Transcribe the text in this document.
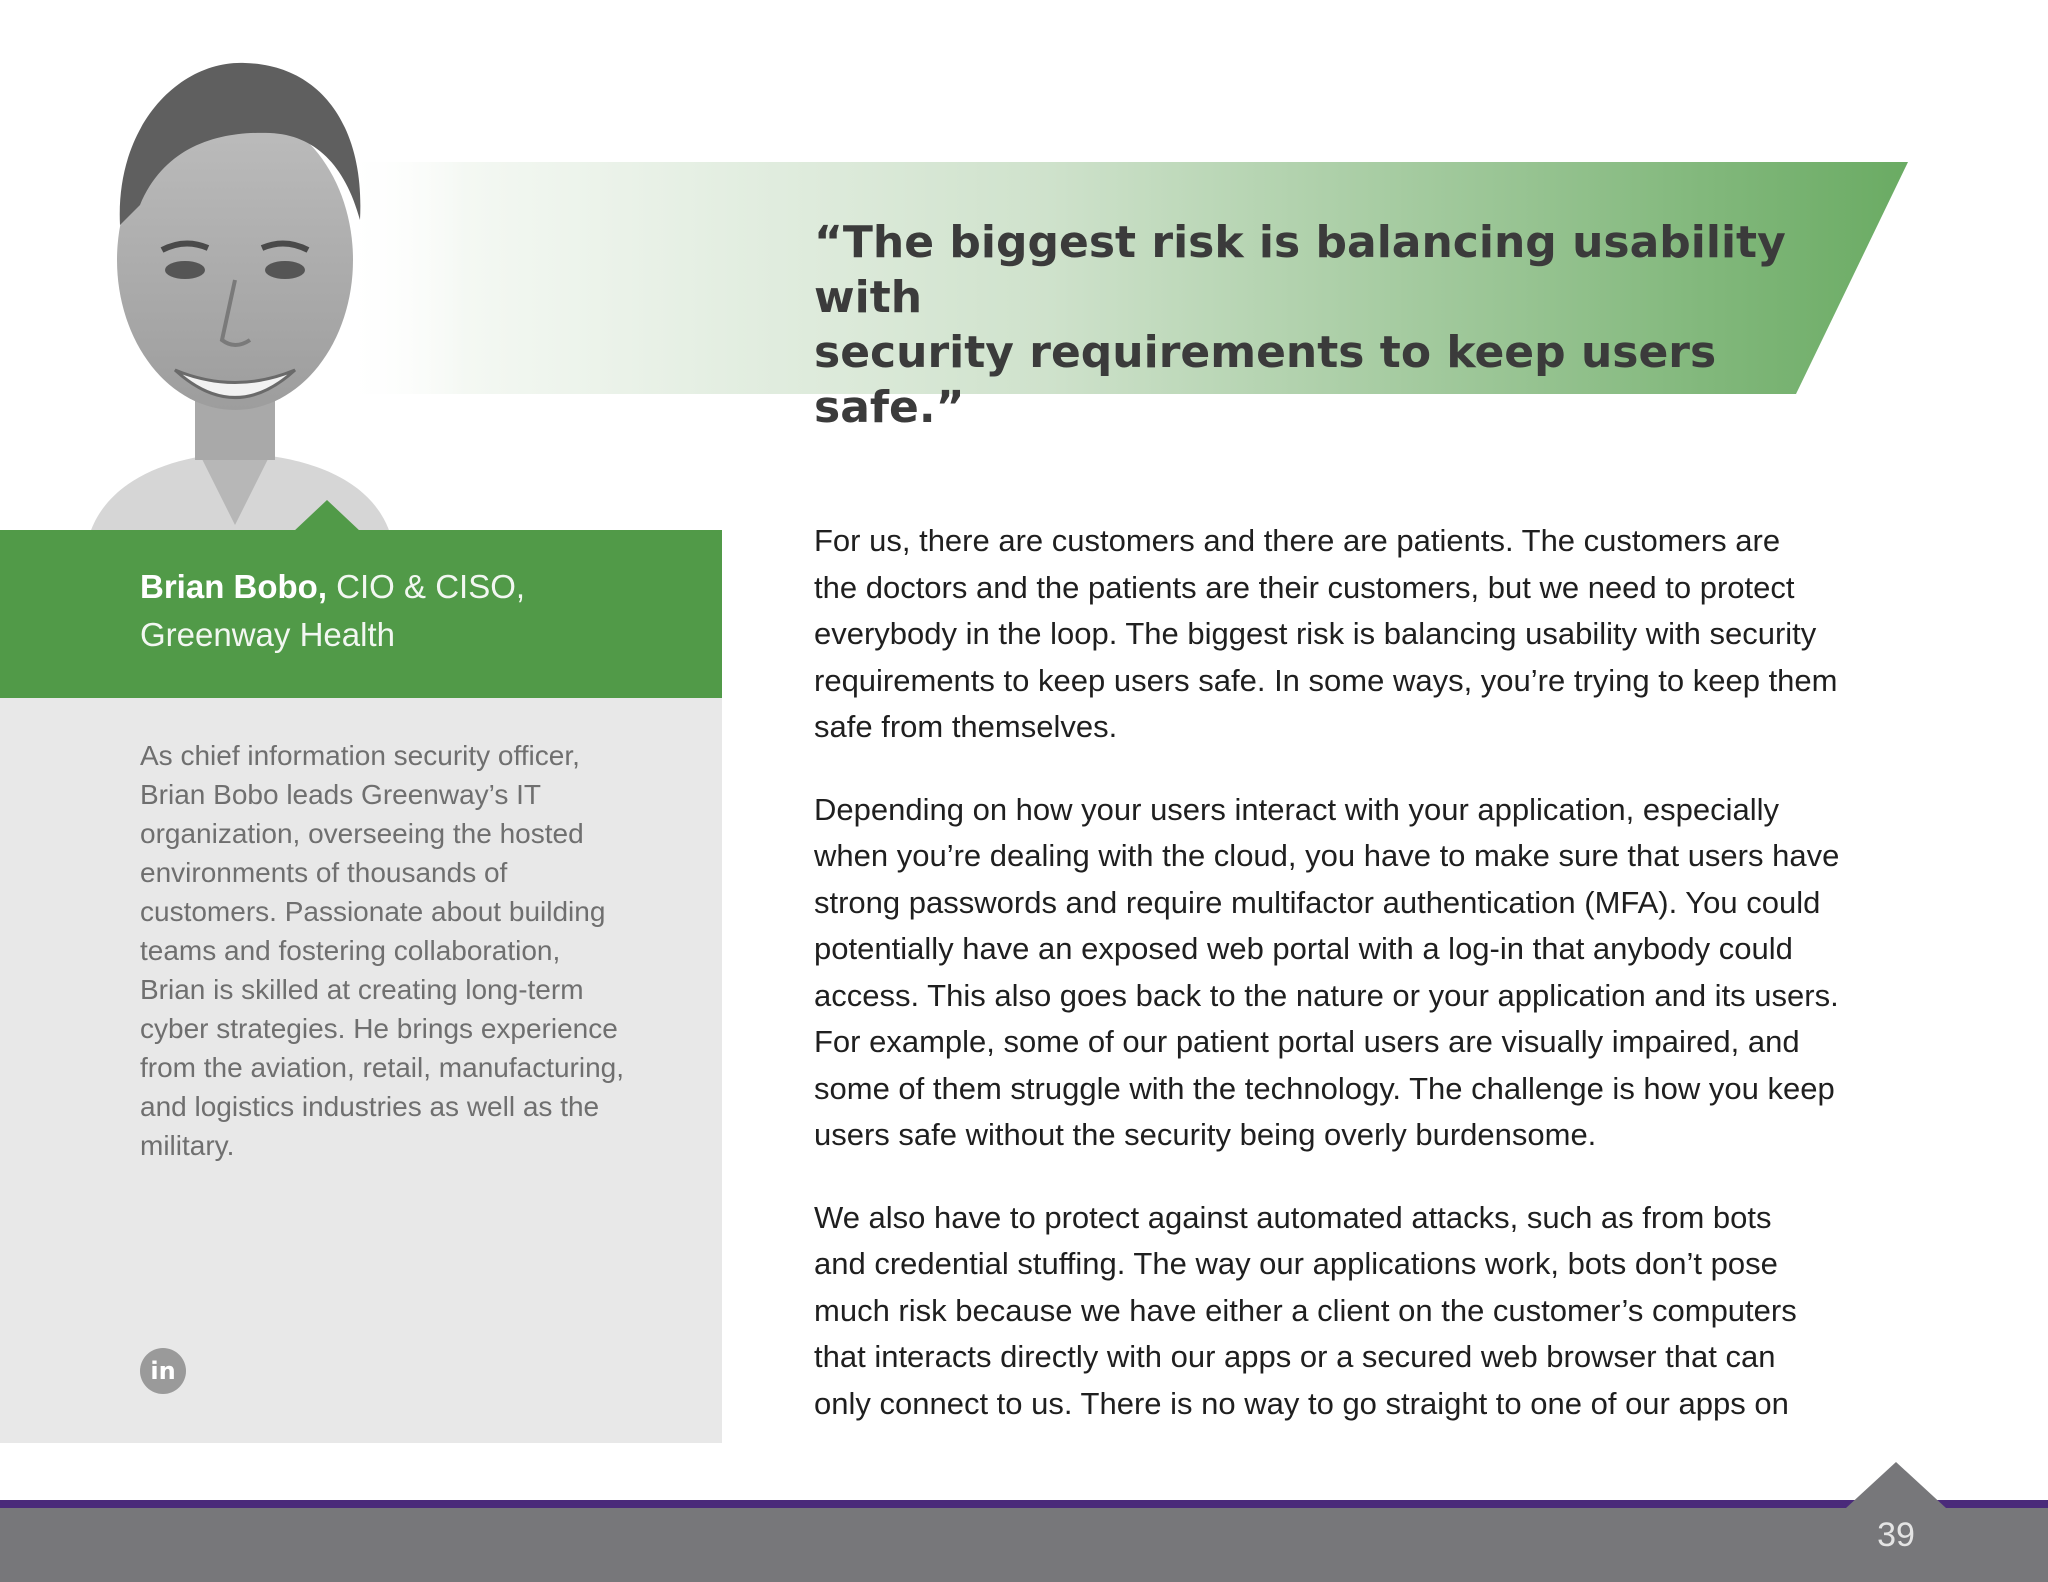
Brian Bobo, CIO & CISO, Greenway Health

As chief information security officer,
Brian Bobo leads Greenway’s IT
organization, overseeing the hosted
environments of thousands of
customers. Passionate about building
teams and fostering collaboration,
Brian is skilled at creating long-term
cyber strategies. He brings experience
from the aviation, retail, manufacturing,
and logistics industries as well as the
military.

in
“The biggest risk is balancing usability with
security requirements to keep users safe.”

For us, there are customers and there are patients. The customers are
the doctors and the patients are their customers, but we need to protect
everybody in the loop. The biggest risk is balancing usability with security
requirements to keep users safe. In some ways, you’re trying to keep them
safe from themselves.

Depending on how your users interact with your application, especially
when you’re dealing with the cloud, you have to make sure that users have
strong passwords and require multifactor authentication (MFA). You could
potentially have an exposed web portal with a log-in that anybody could
access. This also goes back to the nature or your application and its users.
For example, some of our patient portal users are visually impaired, and
some of them struggle with the technology. The challenge is how you keep
users safe without the security being overly burdensome.

We also have to protect against automated attacks, such as from bots
and credential stuffing. The way our applications work, bots don’t pose
much risk because we have either a client on the customer’s computers
that interacts directly with our apps or a secured web browser that can
only connect to us. There is no way to go straight to one of our apps on

39
